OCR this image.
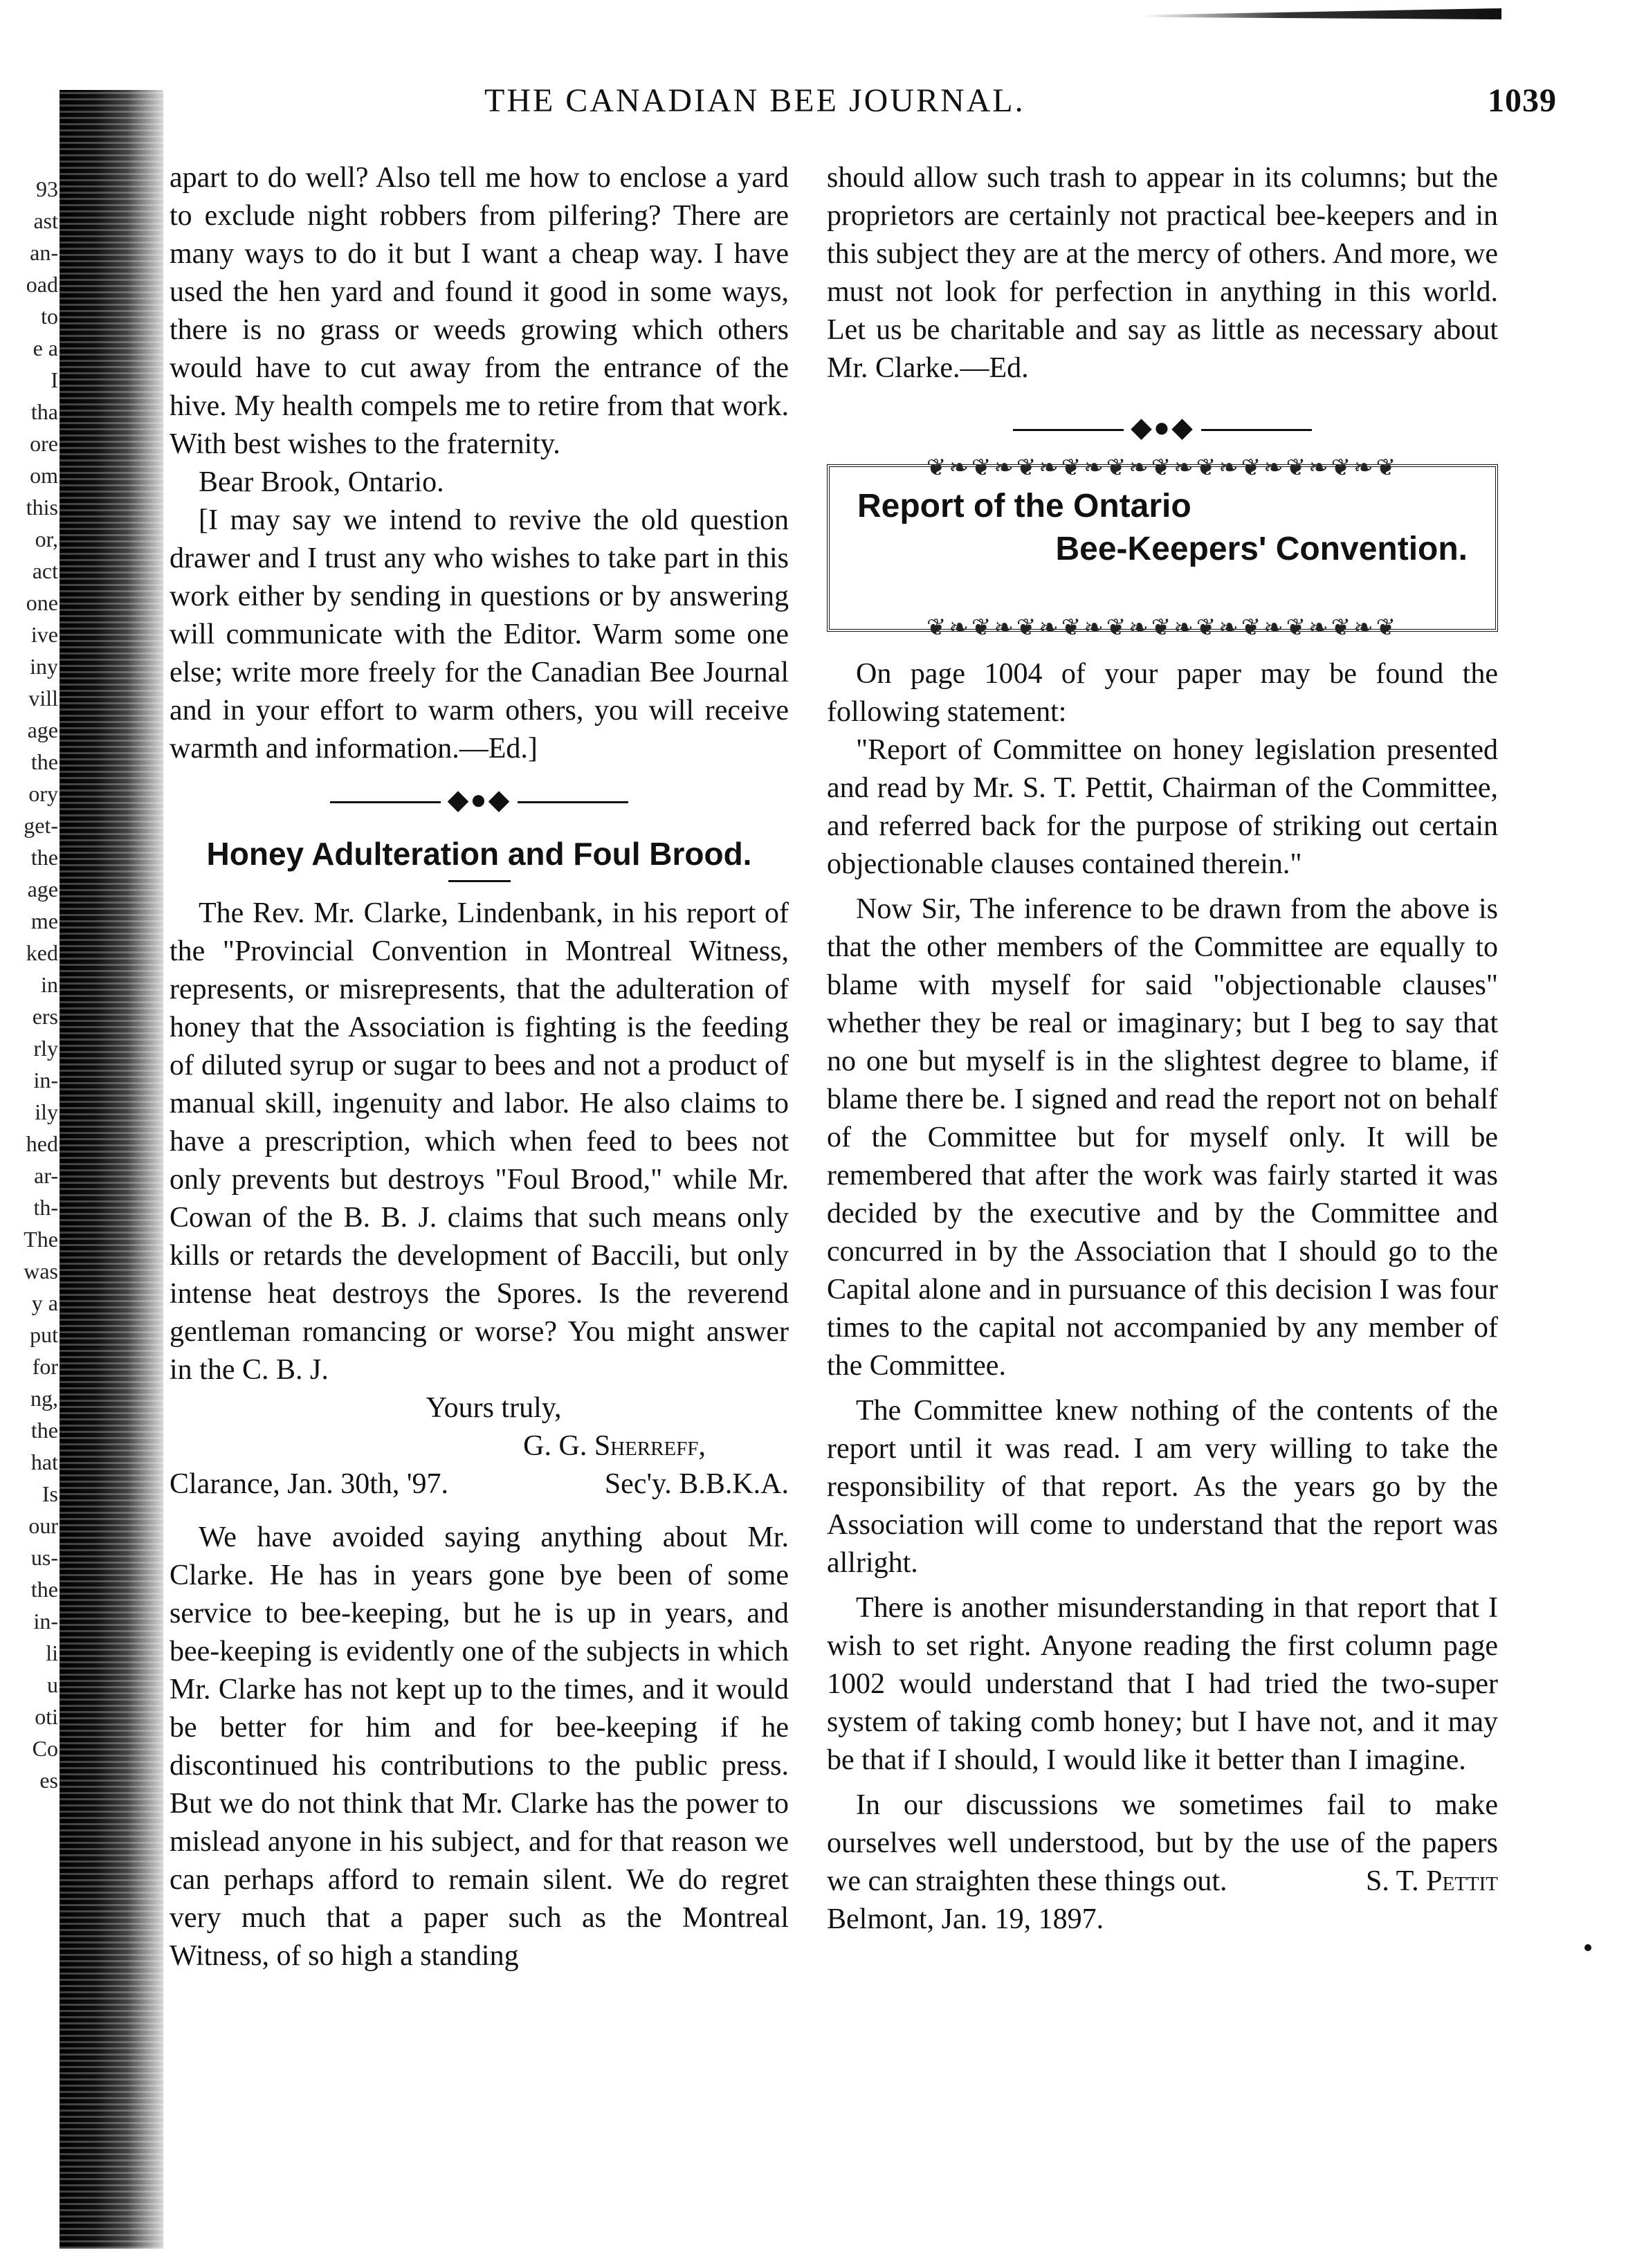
93
ast
an-
oad
to
e a
I
tha
ore
om
this
or,
act
one
ive
iny
vill
age
the
ory
get-
the
age
me
ked
in
ers
rly
in-
ily
hed
ar-
th-
The
was
y a
put
for
ng,
the
hat
Is
our
us-
the
in-
li
u
oti
Co
es
THE CANADIAN BEE JOURNAL.	1039

apart to do well? Also tell me how to enclose a yard to exclude night robbers from pilfering? There are many ways to do it but I want a cheap way. I have used the hen yard and found it good in some ways, there is no grass or weeds growing which others would have to cut away from the entrance of the hive. My health compels me to retire from that work. With best wishes to the fraternity.

Bear Brook, Ontario.

[I may say we intend to revive the old question drawer and I trust any who wishes to take part in this work either by sending in questions or by answering will communicate with the Editor. Warm some one else; write more freely for the Canadian Bee Journal and in your effort to warm others, you will receive warmth and information.—Ed.]

◆●◆
Honey Adulteration and Foul Brood.

The Rev. Mr. Clarke, Lindenbank, in his report of the "Provincial Convention in Montreal Witness, represents, or misrepresents, that the adulteration of honey that the Association is fighting is the feeding of diluted syrup or sugar to bees and not a product of manual skill, ingenuity and labor. He also claims to have a prescription, which when feed to bees not only prevents but destroys "Foul Brood," while Mr. Cowan of the B. B. J. claims that such means only kills or retards the development of Baccili, but only intense heat destroys the Spores. Is the reverend gentleman romancing or worse? You might answer in the C. B. J.

Yours truly,

G. G. Sherreff,

Clarance, Jan. 30th, '97.	Sec'y. B.B.K.A.

We have avoided saying anything about Mr. Clarke. He has in years gone bye been of some service to bee-keeping, but he is up in years, and bee-keeping is evidently one of the subjects in which Mr. Clarke has not kept up to the times, and it would be better for him and for bee-keeping if he discontinued his contributions to the public press. But we do not think that Mr. Clarke has the power to mislead anyone in his subject, and for that reason we can perhaps afford to remain silent. We do regret very much that a paper such as the Montreal Witness, of so high a standing

should allow such trash to appear in its columns; but the proprietors are certainly not practical bee-keepers and in this subject they are at the mercy of others. And more, we must not look for perfection in anything in this world. Let us be charitable and say as little as necessary about Mr. Clarke.—Ed.

◆●◆
❦❧❦❧❦❧❦❧❦❧❦❧❦❧❦❧❦❧❦❧❦
Report of the Ontario
Bee-Keepers' Convention.
❦❧❦❧❦❧❦❧❦❧❦❧❦❧❦❧❦❧❦❧❦

On page 1004 of your paper may be found the following statement:

"Report of Committee on honey legislation presented and read by Mr. S. T. Pettit, Chairman of the Committee, and referred back for the purpose of striking out certain objectionable clauses contained therein."

Now Sir, The inference to be drawn from the above is that the other members of the Committee are equally to blame with myself for said "objectionable clauses" whether they be real or imaginary; but I beg to say that no one but myself is in the slightest degree to blame, if blame there be. I signed and read the report not on behalf of the Committee but for myself only. It will be remembered that after the work was fairly started it was decided by the executive and by the Committee and concurred in by the Association that I should go to the Capital alone and in pursuance of this decision I was four times to the capital not accompanied by any member of the Committee.

The Committee knew nothing of the contents of the report until it was read. I am very willing to take the responsibility of that report. As the years go by the Association will come to understand that the report was allright.

There is another misunderstanding in that report that I wish to set right. Anyone reading the first column page 1002 would understand that I had tried the two-super system of taking comb honey; but I have not, and it may be that if I should, I would like it better than I imagine.

In our discussions we sometimes fail to make ourselves well understood, but by the use of the papers we can straighten these things out.	S. T. Pettit

Belmont, Jan. 19, 1897.
